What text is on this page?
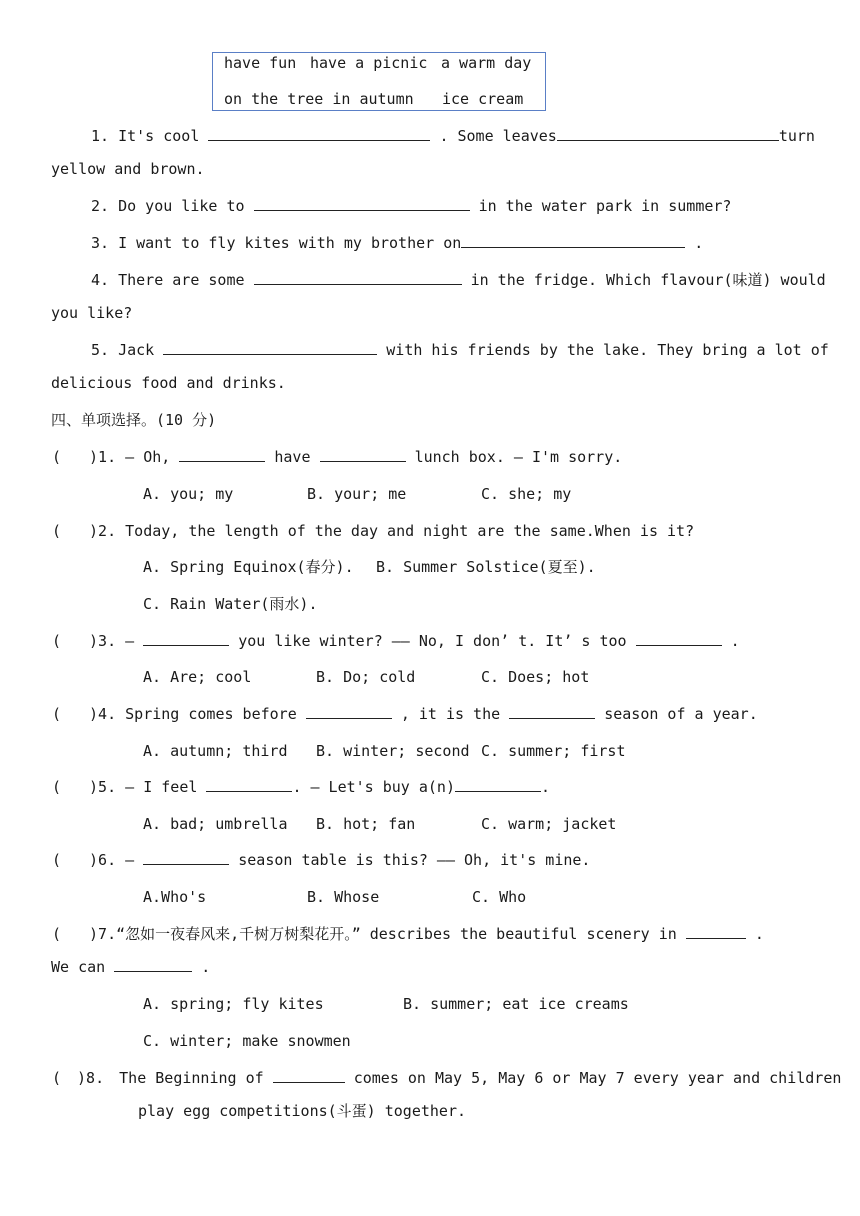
have fun have a picnic a warm day
on the tree in autumn ice cream
1. It's cool	. Some leaves	turn
yellow and brown.
2. Do you like to	in the water park in summer?
3. I want to fly kites with my brother on	.
4. There are some	in the fridge. Which flavour(味道) would
you like?
5. Jack	with his friends by the lake. They bring a lot of
delicious food and drinks.
四、单项选择。(10 分)
( )1. — Oh,	have	lunch box. — I'm sorry.
A. you; my	B. your; me	C. she; my
( )2. Today, the length of the day and night are the same.When is it?
A. Spring Equinox(春分). B. Summer Solstice(夏至).
C. Rain Water(雨水).
( )3. —	you like winter? —— No, I don’ t. It’ s too	.
A. Are; cool	B. Do; cold	C. Does; hot
( )4. Spring comes before	, it is the	season of a year.
A. autumn; third B. winter; second C. summer; first
( )5. — I feel	. — Let's buy a(n)	.
A. bad; umbrella B. hot; fan	C. warm; jacket
( )6. —	season table is this? —— Oh, it's mine.
A.Who's	B. Whose	C. Who
( )7.“忽如一夜春风来,千树万树梨花开。” describes the beautiful scenery in	.
We can	.
A. spring; fly kites	B. summer; eat ice creams
C. winter; make snowmen
( )8. The Beginning of	comes on May 5, May 6 or May 7 every year and children
play egg competitions(斗蛋) together.
